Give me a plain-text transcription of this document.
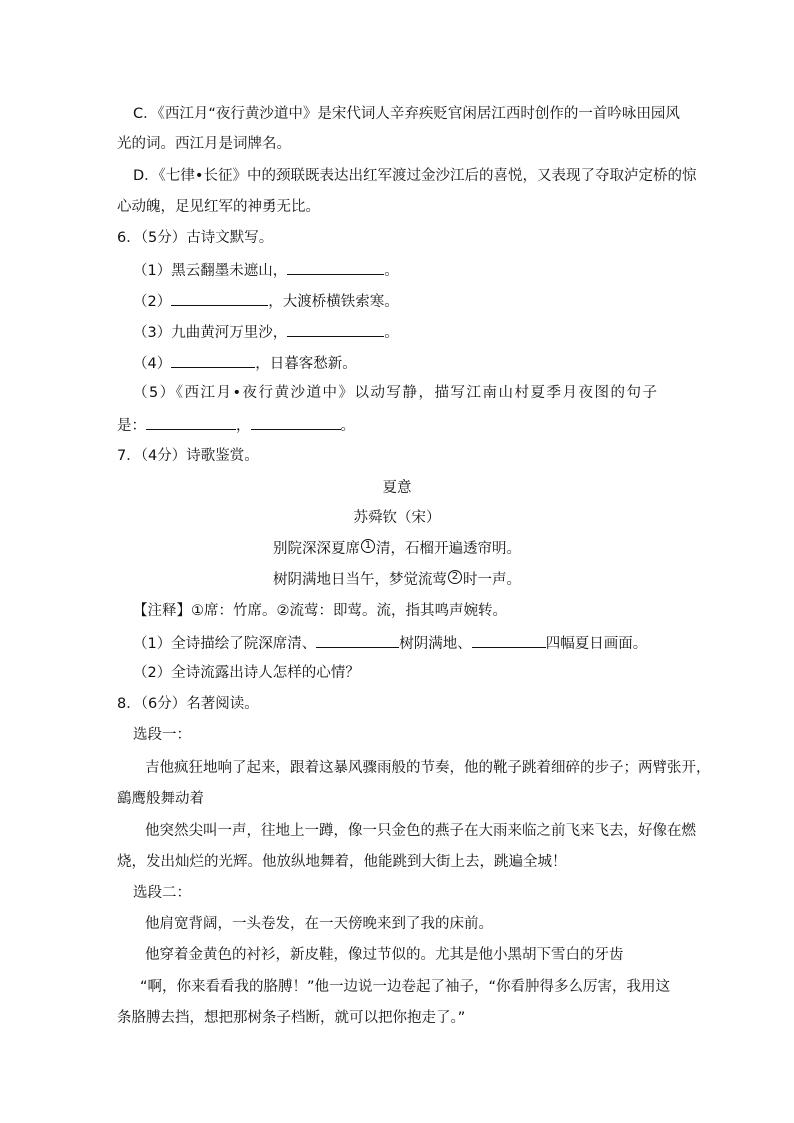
C．《西江月“夜行黄沙道中》是宋代词人辛弃疾贬官闲居江西时创作的一首吟咏田园风
光的词。西江月是词牌名。
D．《七律•长征》中的颈联既表达出红军渡过金沙江后的喜悦，又表现了夺取泸定桥的惊
心动魄，足见红军的神勇无比。
6．（5分）古诗文默写。
（1）黑云翻墨未遮山，	。
（2）	，大渡桥横铁索寒。
（3）九曲黄河万里沙，	。
（4）	，日暮客愁新。
（5）《西江月•夜行黄沙道中》以动写静，描写江南山村夏季月夜图的句子
是：	，	。
7．（4分）诗歌鉴赏。
夏意
苏舜钦（宋）
别院深深夏席 $^1$ 清，石榴开遍透帘明。
树阴满地日当午，梦觉流莺 $^2$ 时一声。
【注释】①席：竹席。②流莺：即莺。流，指其鸣声婉转。
（1）全诗描绘了院深席清、	树阴满地、	四幅夏日画面。
（2）全诗流露出诗人怎样的心情？
8．（6分）名著阅读。
选段一：
吉他疯狂地响了起来，跟着这暴风骤雨般的节奏，他的靴子跳着细碎的步子；两臂张开，
鷂鹰般舞动着
他突然尖叫一声，往地上一蹲，像一只金色的燕子在大雨来临之前飞来飞去，好像在燃
烧，发出灿烂的光辉。他放纵地舞着，他能跳到大街上去，跳遍全城！
选段二：
他肩宽背阔，一头卷发，在一天傍晚来到了我的床前。
他穿着金黄色的衬衫，新皮鞋，像过节似的。尤其是他小黑胡下雪白的牙齿
“啊，你来看看我的胳膊！”他一边说一边卷起了袖子，“你看肿得多么厉害，我用这
条胳膊去挡，想把那树条子档断，就可以把你抱走了。”
